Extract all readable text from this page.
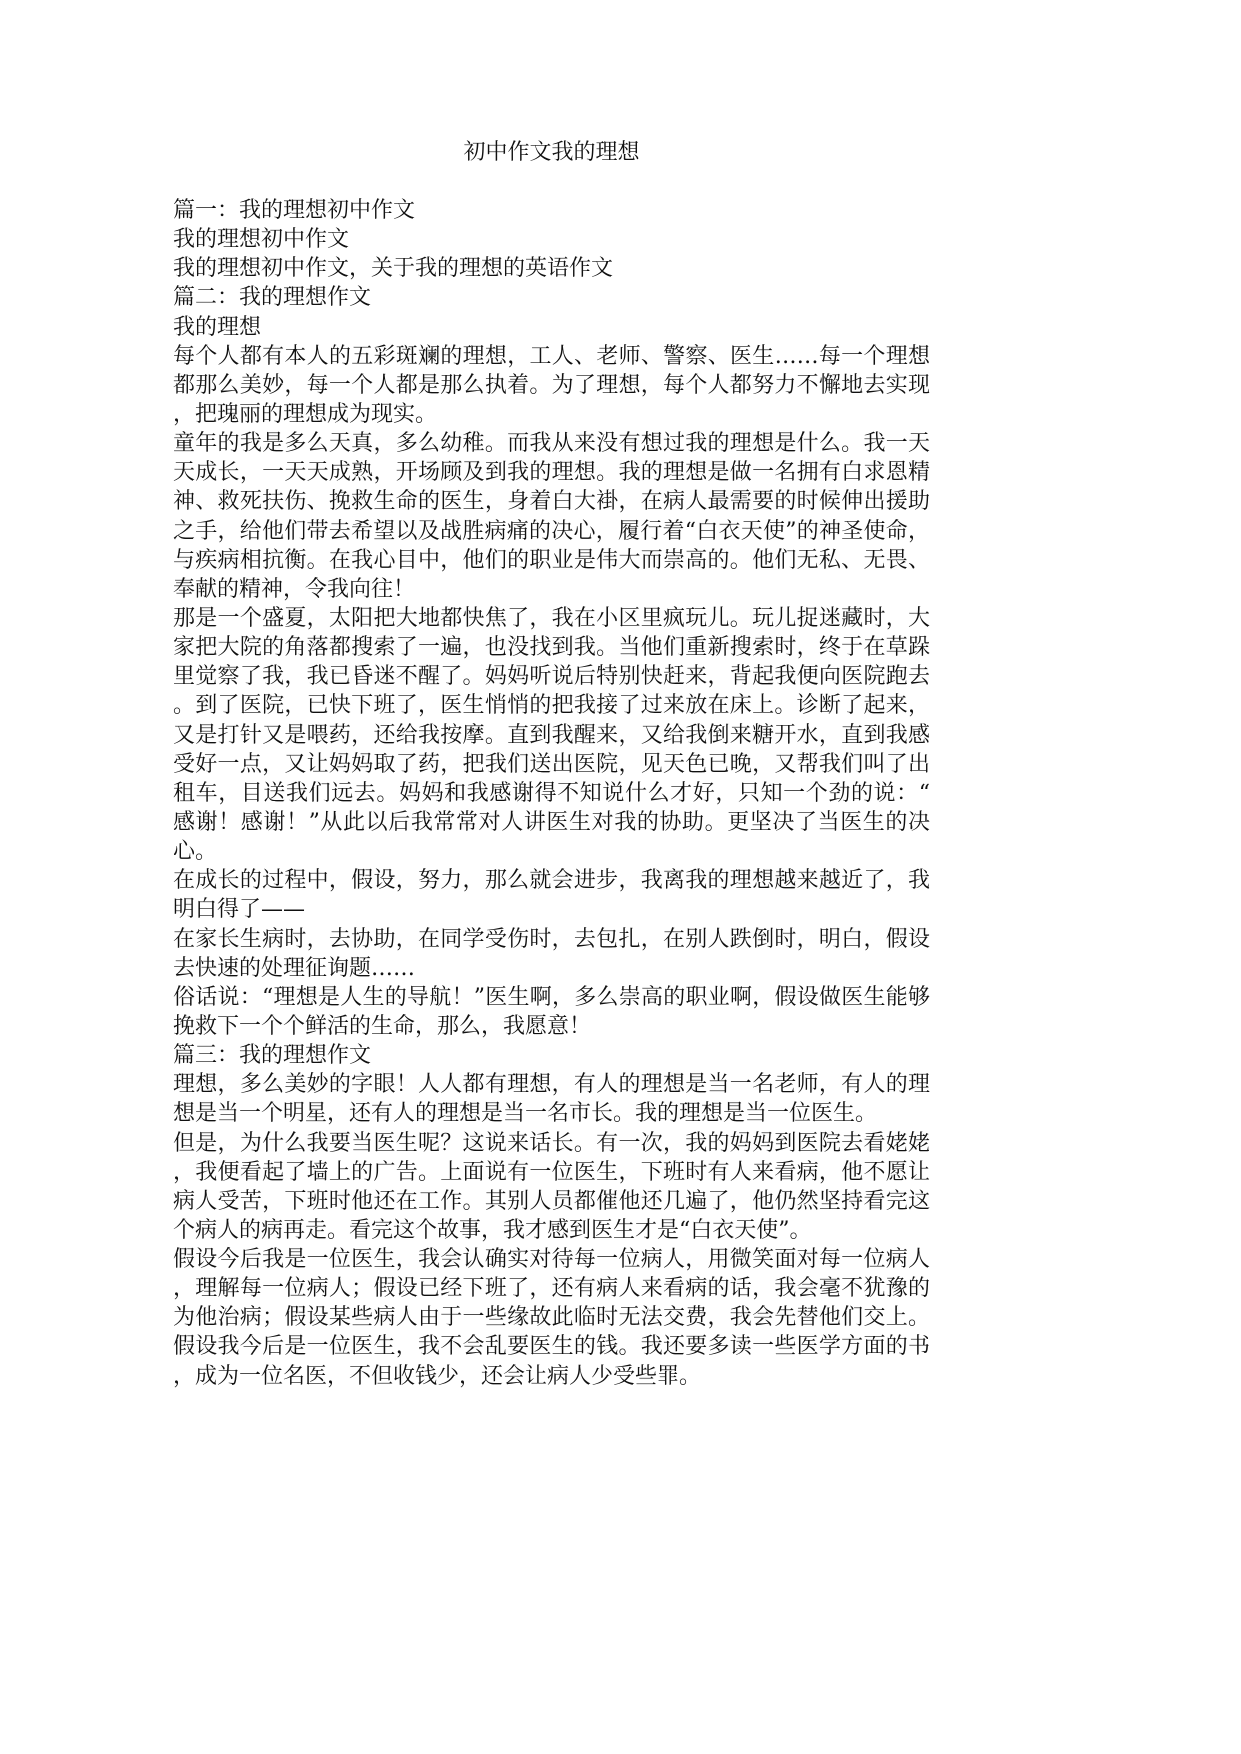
初中作文我的理想
篇一：我的理想初中作文
我的理想初中作文
我的理想初中作文，关于我的理想的英语作文
篇二：我的理想作文
我的理想
每个人都有本人的五彩斑斓的理想，工人、老师、警察、医生……每一个理想
都那么美妙，每一个人都是那么执着。为了理想，每个人都努力不懈地去实现
，把瑰丽的理想成为现实。
童年的我是多么天真，多么幼稚。而我从来没有想过我的理想是什么。我一天
天成长，一天天成熟，开场顾及到我的理想。我的理想是做一名拥有白求恩精
神、救死扶伤、挽救生命的医生，身着白大褂，在病人最需要的时候伸出援助
之手，给他们带去希望以及战胜病痛的决心，履行着“白衣天使”的神圣使命，
与疾病相抗衡。在我心目中，他们的职业是伟大而崇高的。他们无私、无畏、
奉献的精神，令我向往！
那是一个盛夏，太阳把大地都快焦了，我在小区里疯玩儿。玩儿捉迷藏时，大
家把大院的角落都搜索了一遍，也没找到我。当他们重新搜索时，终于在草跺
里觉察了我，我已昏迷不醒了。妈妈听说后特别快赶来，背起我便向医院跑去
。到了医院，已快下班了，医生悄悄的把我接了过来放在床上。诊断了起来，
又是打针又是喂药，还给我按摩。直到我醒来，又给我倒来糖开水，直到我感
受好一点，又让妈妈取了药，把我们送出医院，见天色已晚，又帮我们叫了出
租车，目送我们远去。妈妈和我感谢得不知说什么才好，只知一个劲的说：“
感谢！感谢！”从此以后我常常对人讲医生对我的协助。更坚决了当医生的决
心。
在成长的过程中，假设，努力，那么就会进步，我离我的理想越来越近了，我
明白得了——
在家长生病时，去协助，在同学受伤时，去包扎，在别人跌倒时，明白，假设
去快速的处理征询题……
俗话说：“理想是人生的导航！”医生啊，多么崇高的职业啊，假设做医生能够
挽救下一个个鲜活的生命，那么，我愿意！
篇三：我的理想作文
理想，多么美妙的字眼！人人都有理想，有人的理想是当一名老师，有人的理
想是当一个明星，还有人的理想是当一名市长。我的理想是当一位医生。
但是，为什么我要当医生呢？这说来话长。有一次，我的妈妈到医院去看姥姥
，我便看起了墙上的广告。上面说有一位医生，下班时有人来看病，他不愿让
病人受苦，下班时他还在工作。其别人员都催他还几遍了，他仍然坚持看完这
个病人的病再走。看完这个故事，我才感到医生才是“白衣天使”。
假设今后我是一位医生，我会认确实对待每一位病人，用微笑面对每一位病人
，理解每一位病人；假设已经下班了，还有病人来看病的话，我会毫不犹豫的
为他治病；假设某些病人由于一些缘故此临时无法交费，我会先替他们交上。
假设我今后是一位医生，我不会乱要医生的钱。我还要多读一些医学方面的书
，成为一位名医，不但收钱少，还会让病人少受些罪。
